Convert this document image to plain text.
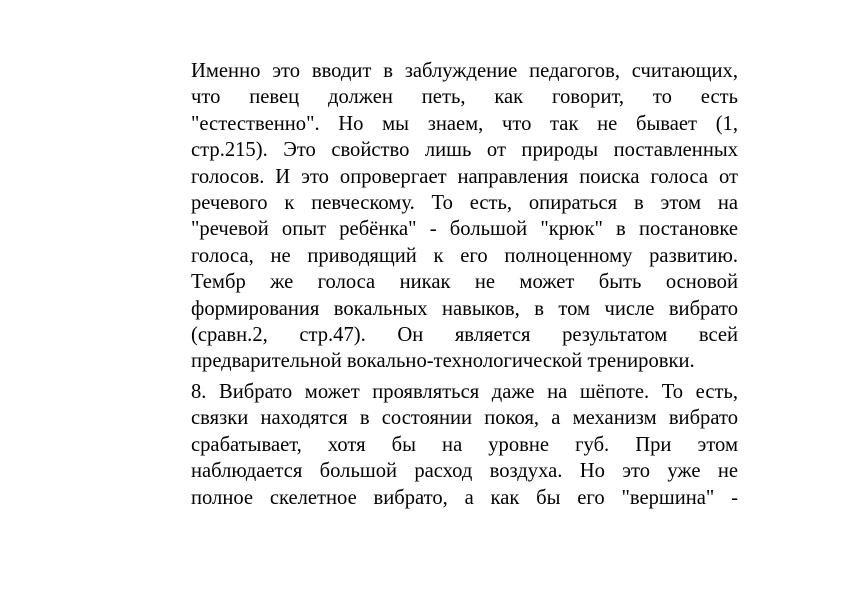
Именно это вводит в заблуждение педагогов, считающих,
что певец должен петь, как говорит, то есть
"естественно". Но мы знаем, что так не бывает (1,
стр.215). Это свойство лишь от природы поставленных
голосов. И это опровергает направления поиска голоса от
речевого к певческому. То есть, опираться в этом на
"речевой опыт ребёнка" - большой "крюк" в постановке
голоса, не приводящий к его полноценному развитию.
Тембр же голоса никак не может быть основой
формирования вокальных навыков, в том числе вибрато
(сравн.2, стр.47). Он является результатом всей
предварительной вокально-технологической тренировки.
8. Вибрато может проявляться даже на шёпоте. То есть,
связки находятся в состоянии покоя, а механизм вибрато
срабатывает, хотя бы на уровне губ. При этом
наблюдается большой расход воздуха. Но это уже не
полное скелетное вибрато, а как бы его "вершина" -
